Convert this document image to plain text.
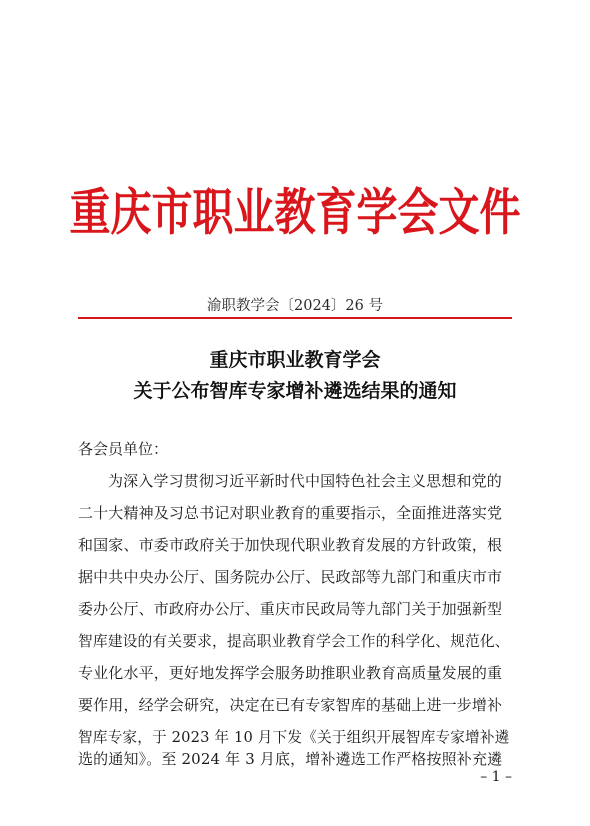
重庆市职业教育学会文件
渝职教学会〔2024〕26 号
重庆市职业教育学会
关于公布智库专家增补遴选结果的通知
各会员单位：
为深入学习贯彻习近平新时代中国特色社会主义思想和党的
二十大精神及习总书记对职业教育的重要指示，全面推进落实党
和国家、市委市政府关于加快现代职业教育发展的方针政策，根
据中共中央办公厅、国务院办公厅、民政部等九部门和重庆市市
委办公厅、市政府办公厅、重庆市民政局等九部门关于加强新型
智库建设的有关要求，提高职业教育学会工作的科学化、规范化、
专业化水平，更好地发挥学会服务助推职业教育高质量发展的重
要作用，经学会研究，决定在已有专家智库的基础上进一步增补
智库专家，于 2023 年 10 月下发《关于组织开展智库专家增补遴
选的通知》。至 2024 年 3 月底，增补遴选工作严格按照补充遴
– 1 –
